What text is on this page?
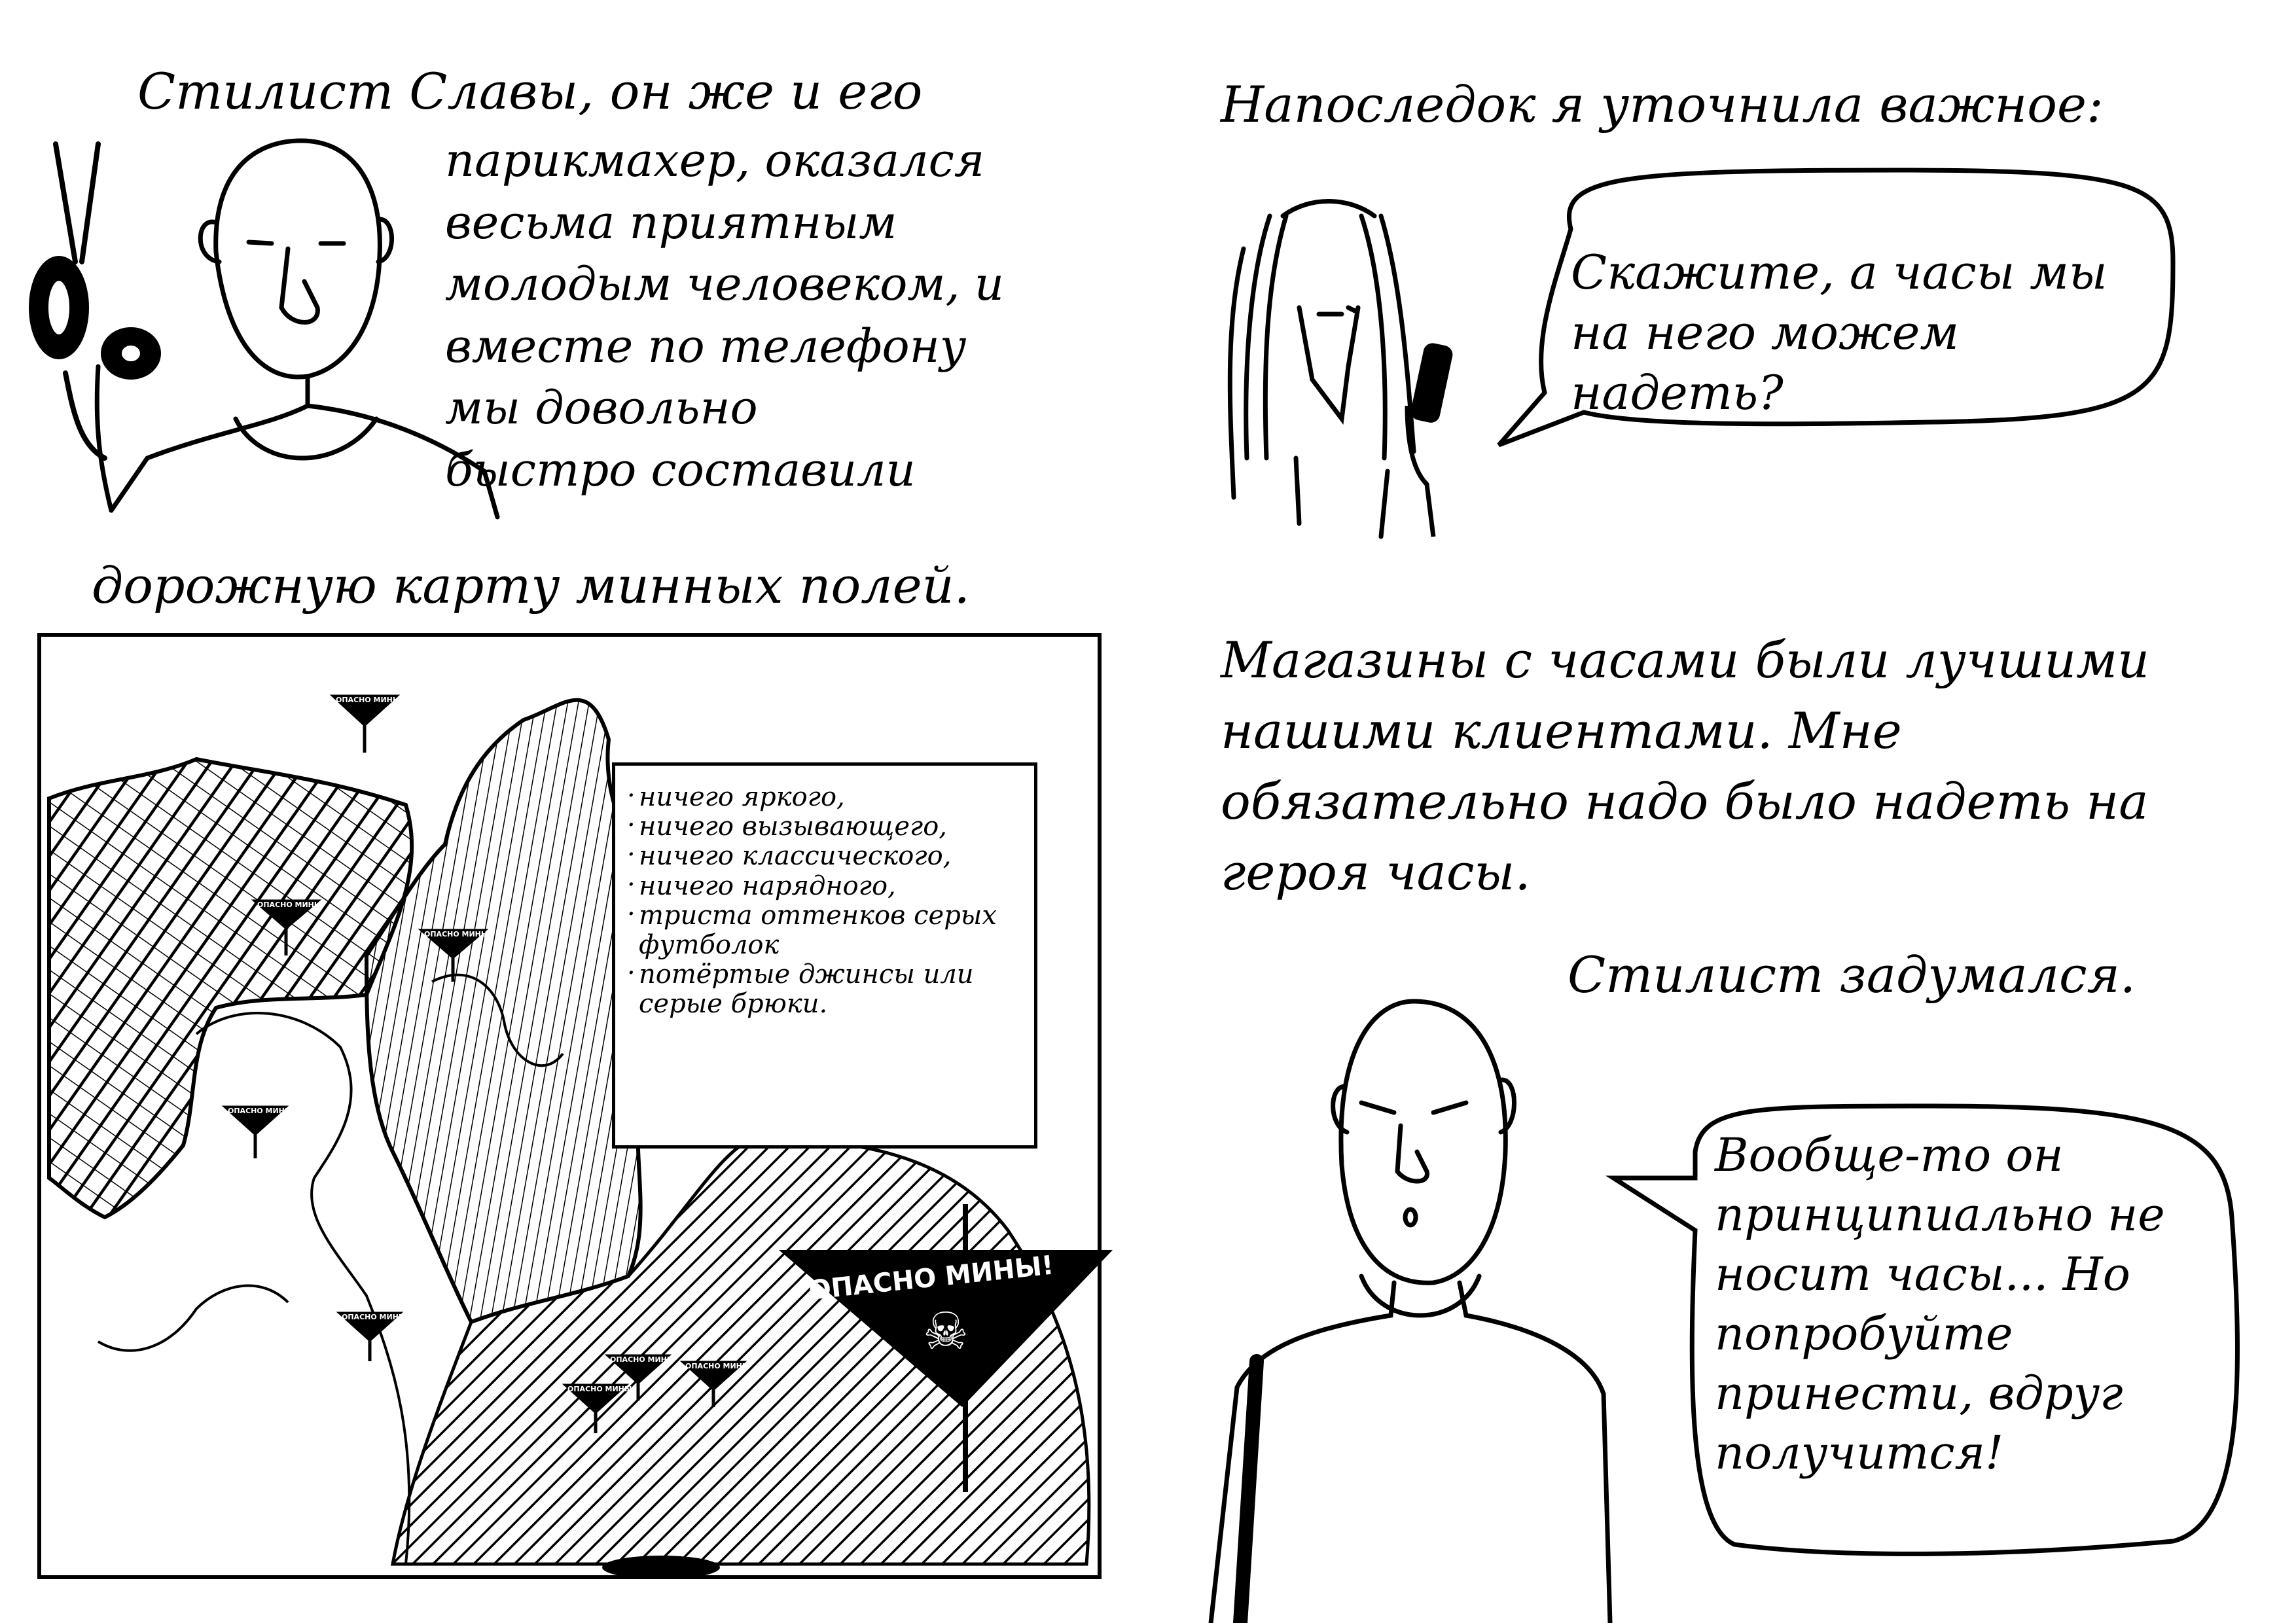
Стилист Славы, он же и его
парикмахер, оказался
весьма приятным
молодым человеком, и
вместе по телефону
мы довольно
быстро составили
дорожную карту минных полей.
Напоследок я уточнила важное:
Магазины с часами были лучшими
нашими клиентами. Мне
обязательно надо было надеть на
героя часы.
Стилист задумался.
Скажите, а часы мы
на него можем
надеть?
Вообще-то он
принципиально не
носит часы... Но
попробуйте
принести, вдруг
получится!
· ничего яркого,
· ничего вызывающего,
· ничего классического,
· ничего нарядного,
· триста оттенков серых футболок
· потёртые джинсы или серые брюки.
ОПАСНО МИНЫ!
☠
ОПАСНО МИНЫ
ОПАСНО МИНЫ
ОПАСНО МИНЫ
ОПАСНО МИНЫ
ОПАСНО МИНЫ
ОПАСНО МИНЫ
ОПАСНО МИНЫ
ОПАСНО МИНЫ
